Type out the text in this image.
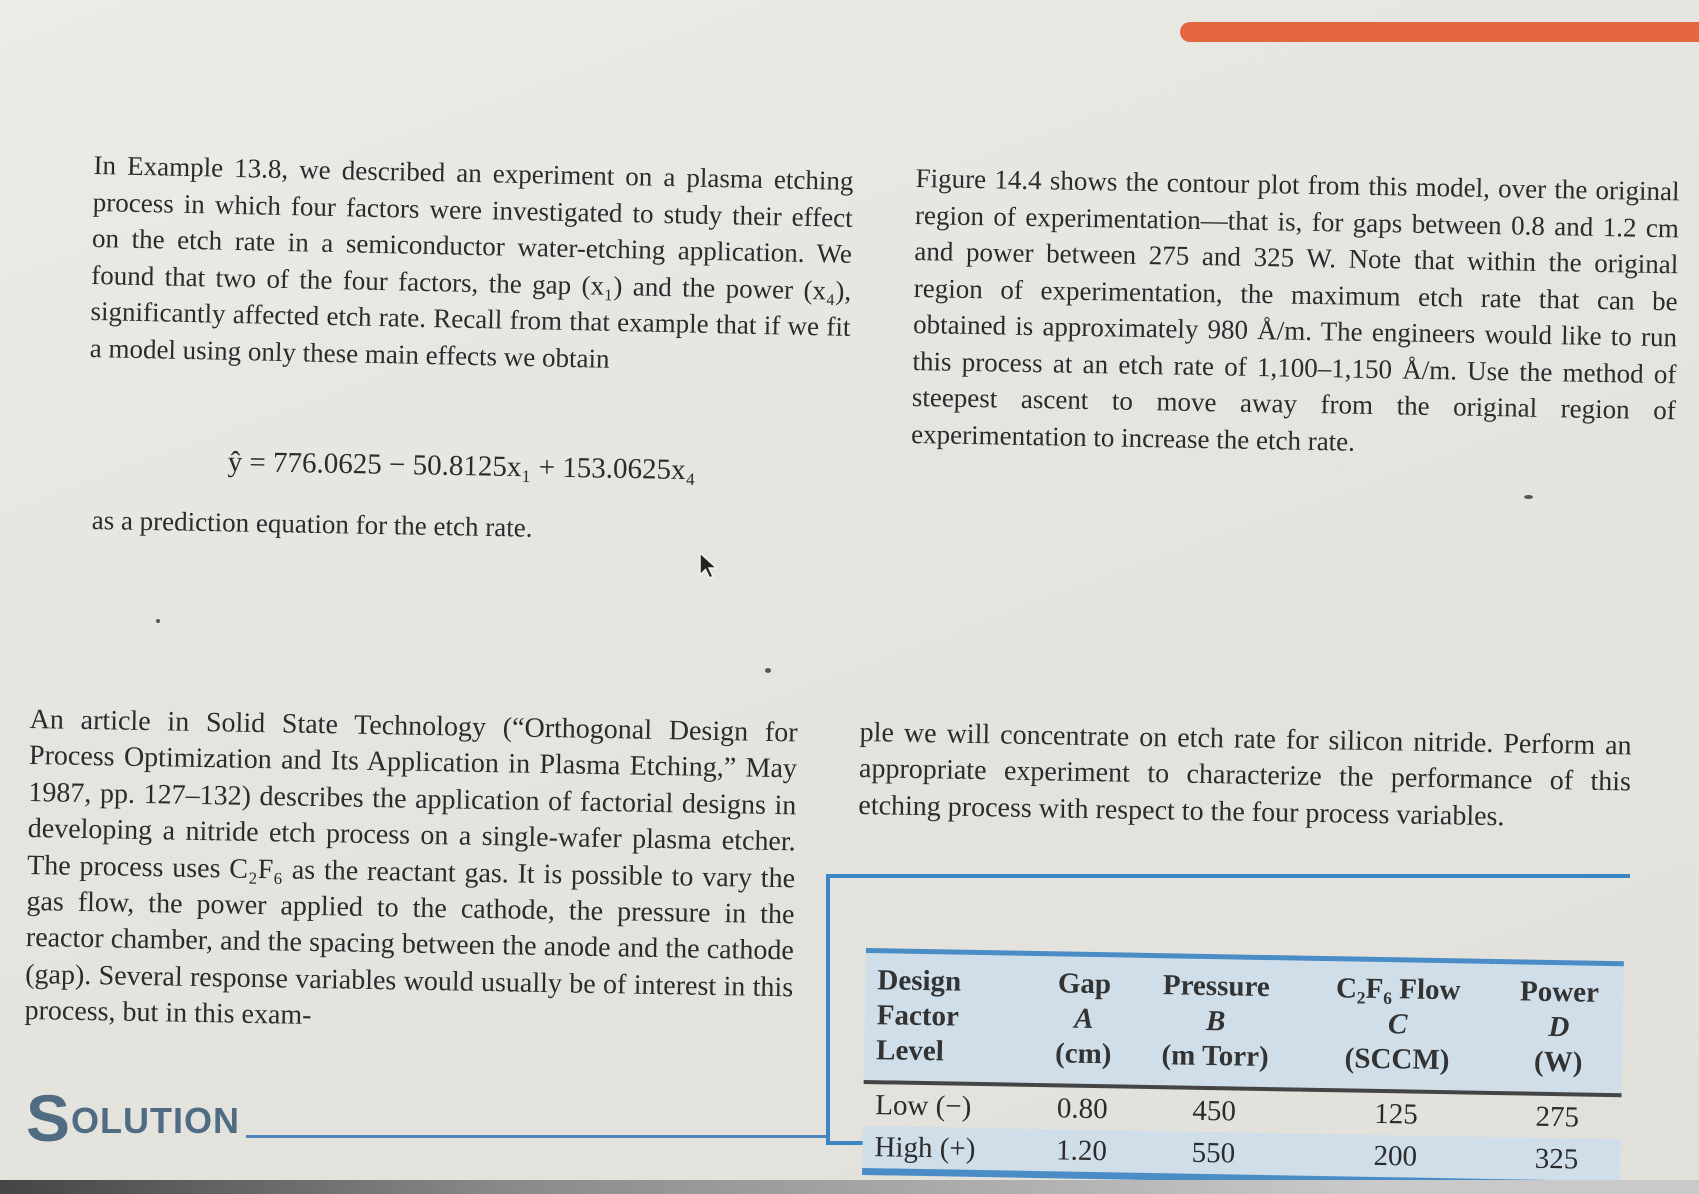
In Example 13.8, we described an experiment on a plasma etching process in which four factors were investigated to study their effect on the etch rate in a semiconductor water-etching application. We found that two of the four factors, the gap (x₁) and the power (x₄), significantly affected etch rate. Recall from that example that if we fit a model using only these main effects we obtain

ŷ = 776.0625 − 50.8125x₁ + 153.0625x₄
as a prediction equation for the etch rate.

Figure 14.4 shows the contour plot from this model, over the original region of experimentation—that is, for gaps between 0.8 and 1.2 cm and power between 275 and 325 W. Note that within the original region of experimentation, the maximum etch rate that can be obtained is approximately 980 Å/m. The engineers would like to run this process at an etch rate of 1,100–1,150 Å/m. Use the method of steepest ascent to move away from the original region of experimentation to increase the etch rate.

An article in Solid State Technology (“Orthogonal Design for Process Optimization and Its Application in Plasma Etching,” May 1987, pp. 127–132) describes the application of factorial designs in developing a nitride etch process on a single-wafer plasma etcher. The process uses C₂F₆ as the reactant gas. It is possible to vary the gas flow, the power applied to the cathode, the pressure in the reactor chamber, and the spacing between the anode and the cathode (gap). Several response variables would usually be of interest in this process, but in this exam-

ple we will concentrate on etch rate for silicon nitride. Perform an appropriate experiment to characterize the performance of this etching process with respect to the four process variables.

Design
Factor
Level	Gap
A
(cm)	Pressure
B
(m Torr)	C₂F₆ Flow
C
(SCCM)	Power
D
(W)

Low (−)	0.80	450	125	275
High (+)	1.20	550	200	325
SOLUTION
